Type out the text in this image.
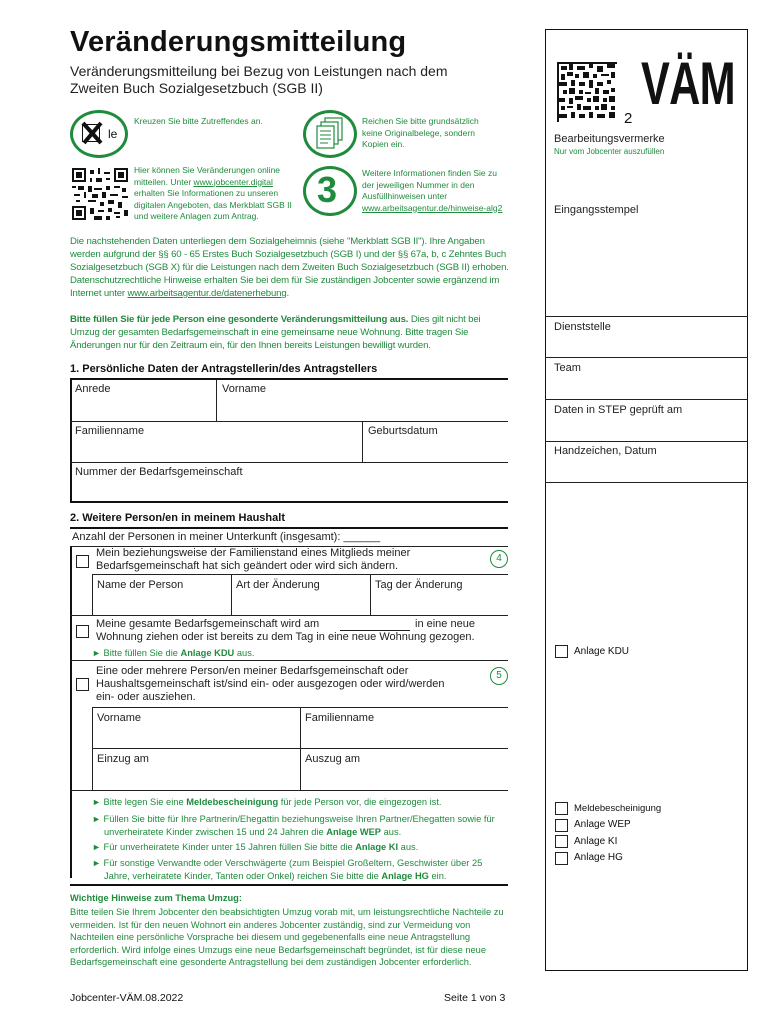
Veränderungsmitteilung
Veränderungsmitteilung bei Bezug von Leistungen nach dem Zweiten Buch Sozialgesetzbuch (SGB II)
le
Kreuzen Sie bitte Zutreffendes an.	Reichen Sie bitte grundsätzlich keine Originalbelege, sondern Kopien ein.
Hier können Sie Veränderungen online mitteilen. Unter www.jobcenter.digital erhalten Sie Informationen zu unseren digitalen Angeboten, das Merkblatt SGB II und weitere Anlagen zum Antrag.
3	Weitere Informationen finden Sie zu der jeweiligen Nummer in den Ausfüllhinweisen unter www.arbeitsagentur.de/hinweise-alg2
Die nachstehenden Daten unterliegen dem Sozialgeheimnis (siehe "Merkblatt SGB II"). Ihre Angaben werden aufgrund der §§ 60 - 65 Erstes Buch Sozialgesetzbuch (SGB I) und der §§ 67a, b, c Zehntes Buch Sozialgesetzbuch (SGB X) für die Leistungen nach dem Zweiten Buch Sozialgesetzbuch (SGB II) erhoben. Datenschutzrechtliche Hinweise erhalten Sie bei dem für Sie zuständigen Jobcenter sowie ergänzend im Internet unter www.arbeitsagentur.de/datenerhebung.
Bitte füllen Sie für jede Person eine gesonderte Veränderungsmitteilung aus. Dies gilt nicht bei Umzug der gesamten Bedarfsgemeinschaft in eine gemeinsame neue Wohnung. Bitte tragen Sie Änderungen nur für den Zeitraum ein, für den Ihnen bereits Leistungen bewilligt wurden.
1. Persönliche Daten der Antragstellerin/des Antragstellers
Anrede	Vorname
Familienname	Geburtsdatum
Nummer der Bedarfsgemeinschaft
2. Weitere Person/en in meinem Haushalt
Anzahl der Personen in meiner Unterkunft (insgesamt): ______
Mein beziehungsweise der Familienstand eines Mitglieds meiner Bedarfsgemeinschaft hat sich geändert oder wird sich ändern.
4
Name der Person	Art der Änderung	Tag der Änderung
Meine gesamte Bedarfsgemeinschaft wird am	in eine neue
Wohnung ziehen oder ist bereits zu dem Tag in eine neue Wohnung gezogen.
► Bitte füllen Sie die Anlage KDU aus.
Eine oder mehrere Person/en meiner Bedarfsgemeinschaft oder Haushaltsgemeinschaft ist/sind ein- oder ausgezogen oder wird/werden ein- oder ausziehen.
5
Vorname	Familienname
Einzug am	Auszug am
► Bitte legen Sie eine Meldebescheinigung für jede Person vor, die eingezogen ist.
► Füllen Sie bitte für Ihre Partnerin/Ehegattin beziehungsweise Ihren Partner/Ehegatten sowie für unverheiratete Kinder zwischen 15 und 24 Jahren die Anlage WEP aus.
► Für unverheiratete Kinder unter 15 Jahren füllen Sie bitte die Anlage KI aus.
► Für sonstige Verwandte oder Verschwägerte (zum Beispiel Großeltern, Geschwister über 25 Jahre, verheiratete Kinder, Tanten oder Onkel) reichen Sie bitte die Anlage HG ein.
Wichtige Hinweise zum Thema Umzug:
Bitte teilen Sie Ihrem Jobcenter den beabsichtigten Umzug vorab mit, um leistungsrechtliche Nachteile zu vermeiden. Ist für den neuen Wohnort ein anderes Jobcenter zuständig, sind zur Vermeidung von Nachteilen eine persönliche Vorsprache bei diesem und gegebenenfalls eine neue Antragstellung erforderlich. Wird infolge eines Umzugs eine neue Bedarfsgemeinschaft begründet, ist für diese neue Bedarfsgemeinschaft eine gesonderte Antragstellung bei dem zuständigen Jobcenter erforderlich.
2
VÄM
Bearbeitungsvermerke
Nur vom Jobcenter auszufüllen
Eingangsstempel
Dienststelle
Team
Daten in STEP geprüft am
Handzeichen, Datum
Anlage KDU
Meldebescheinigung
Anlage WEP
Anlage KI
Anlage HG
Jobcenter-VÄM.08.2022	Seite 1 von 3
